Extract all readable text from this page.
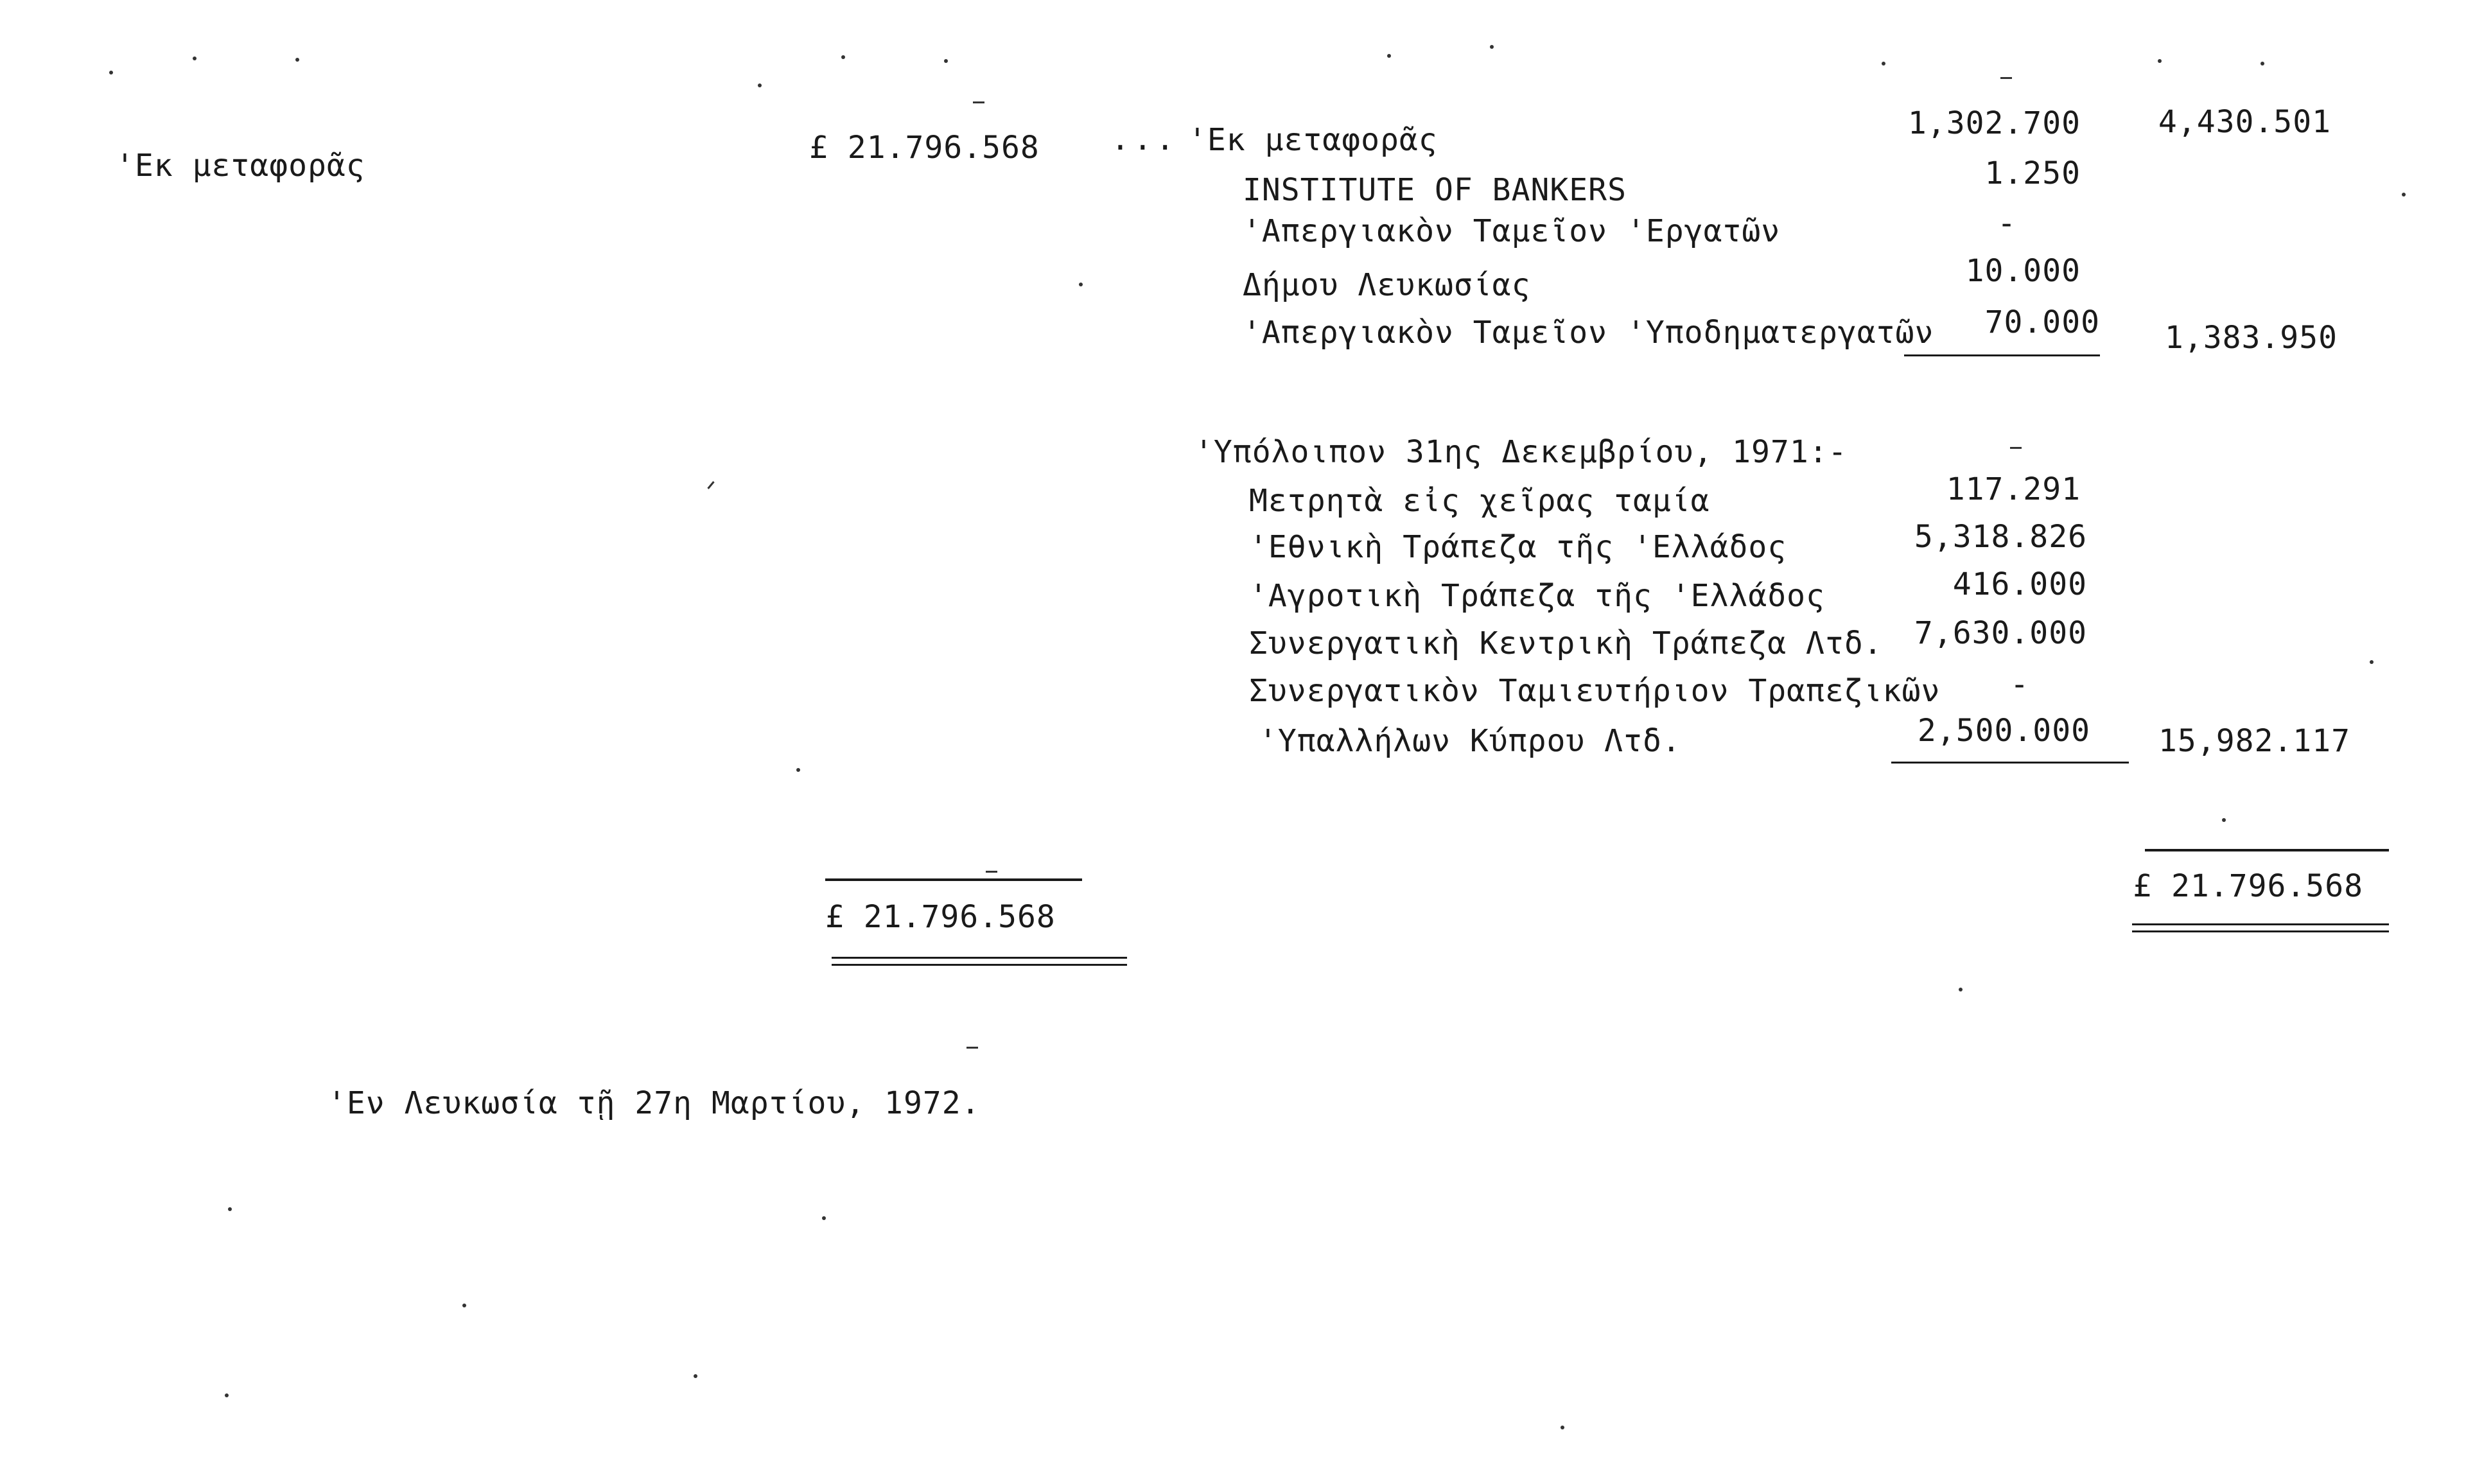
'Εκ μεταφορᾶς	£ 21.796.568 ···
£ 21.796.568
'Εν Λευκωσία τῇ 27η Μαρτίου, 1972.
'Εκ μεταφορᾶς	1,302.700	4,430.501
INSTITUTE OF BANKERS	1.250
'Απεργιακὸν Ταμεῖον 'Εργατῶν	-
Δήμου Λευκωσίας	10.000
'Απεργιακὸν Ταμεῖον 'Υποδηματεργατῶν	70.000	1,383.950
'Υπόλοιπον 31ης Δεκεμβρίου, 1971:-
Μετρητὰ εἰς χεῖρας ταμία	117.291
'Εθνικὴ Τράπεζα τῆς 'Ελλάδος	5,318.826
'Αγροτικὴ Τράπεζα τῆς 'Ελλάδος	416.000
Συνεργατικὴ Κεντρικὴ Τράπεζα Λτδ.	7,630.000
Συνεργατικὸν Ταμιευτήριον Τραπεζικῶν	-
'Υπαλλήλων Κύπρου Λτδ.	2,500.000	15,982.117
£ 21.796.568
